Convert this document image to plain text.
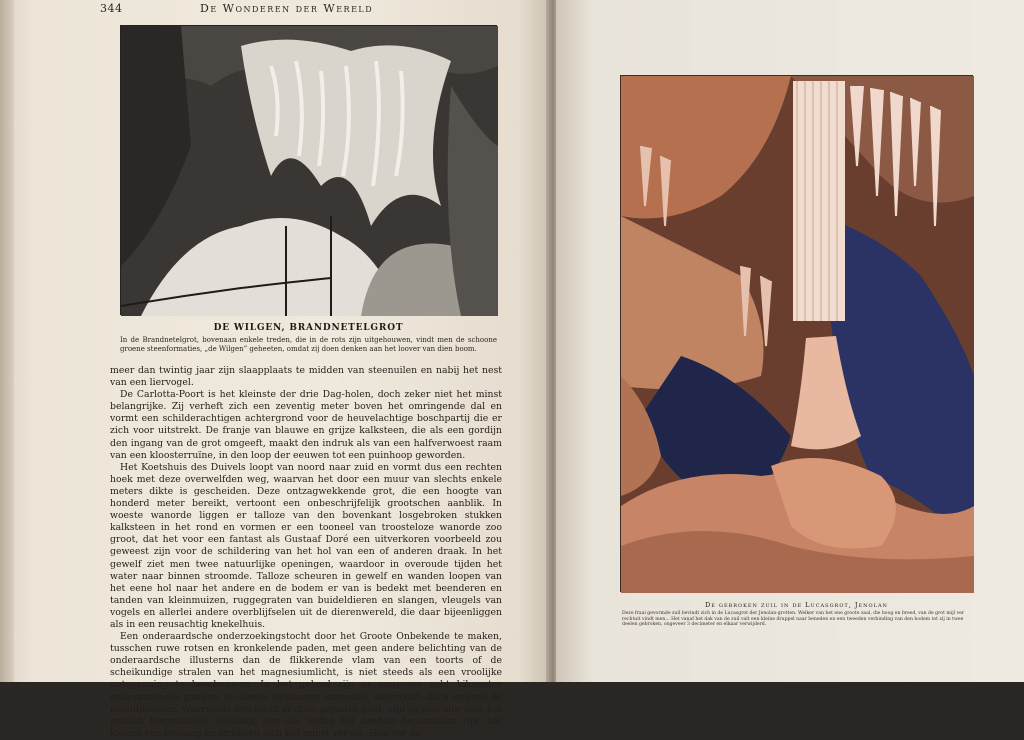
344	De Wonderen der Wereld
DE WILGEN, BRANDNETELGROT
In de Brandnetelgrot, bovenaan enkele treden, die in de rots zijn uitgehouwen, vindt men de schoone groene steenformaties, „de Wilgen” geheeten, omdat zij doen denken aan het loover van dien boom.

meer dan twintig jaar zijn slaapplaats te midden van steenuilen en nabij het nest van een liervogel.

De Carlotta-Poort is het kleinste der drie Dag-holen, doch zeker niet het minst belangrijke. Zij verheft zich een zeventig meter boven het omringende dal en vormt een schilderachtigen achtergrond voor de heuvelachtige boschpartij die er zich voor uitstrekt. De franje van blauwe en grijze kalksteen, die als een gordijn den ingang van de grot omgeeft, maakt den indruk als van een halfverwoest raam van een kloosterruïne, in den loop der eeuwen tot een puinhoop geworden.

Het Koetshuis des Duivels loopt van noord naar zuid en vormt dus een rechten hoek met deze overwelfden weg, waarvan het door een muur van slechts enkele meters dikte is gescheiden. Deze ontzagwekkende grot, die een hoogte van honderd meter bereikt, vertoont een onbeschrijfelijk grootschen aanblik. In woeste wanorde liggen er talloze van den bovenkant losgebroken stukken kalksteen in het rond en vormen er een tooneel van troosteloze wanorde zoo groot, dat het voor een fantast als Gustaaf Doré een uitverkoren voorbeeld zou geweest zijn voor de schildering van het hol van een of anderen draak. In het gewelf ziet men twee natuurlijke openingen, waardoor in overoude tijden het water naar binnen stroomde. Talloze scheuren in gewelf en wanden loopen van het eene hol naar het andere en de bodem er van is bedekt met beenderen en tanden van kleinmuizen, ruggegraten van buideldieren en slangen, vleugels van vogels en allerlei andere overblijfselen uit de dierenwereld, die daar bijeenliggen als in een reusachtig knekelhuis.

Een onderaardsche onderzoekingstocht door het Groote Onbekende te maken, tusschen ruwe rotsen en kronkelende paden, met geen andere belichting van de onderaardsche illusterns dan de flikkerende vlam van een toorts of de scheikundige stralen van het magnesiumlicht, is niet steeds als een vroolijke ontspanning te beschouwen. In het geheel zijn er ongeveer acht kilometer onderaardsche gangen, in allerlei richtingen loopende, doorzocht, doch wegens de moeilijkheden, waarmede een tocht er door gepaard gaat, zijn zij niet alle voor het publiek toegankelijk. Gelukkig zijn die, welke het slechtst begaanbaar zijn, het kleinst van omvang en strekken zich het minst ver uit. Hoe ver de

De gebroken zuil in de Lucasgrot, Jenolan
Deze fraai gevormde zuil bevindt zich in de Lucasgrot der Jenolan-grotten. Welker van het ene groote zaal, die hoog en breed, van de grot mijl ver rechtuit vindt men... Het vanaf het dak van de zuil valt een kleine druppel naar beneden en een tweeden verbinding van den bodem tot zij in twee deelen gebroken, ongeveer 3 decimeter en elkaar verwijderd.
